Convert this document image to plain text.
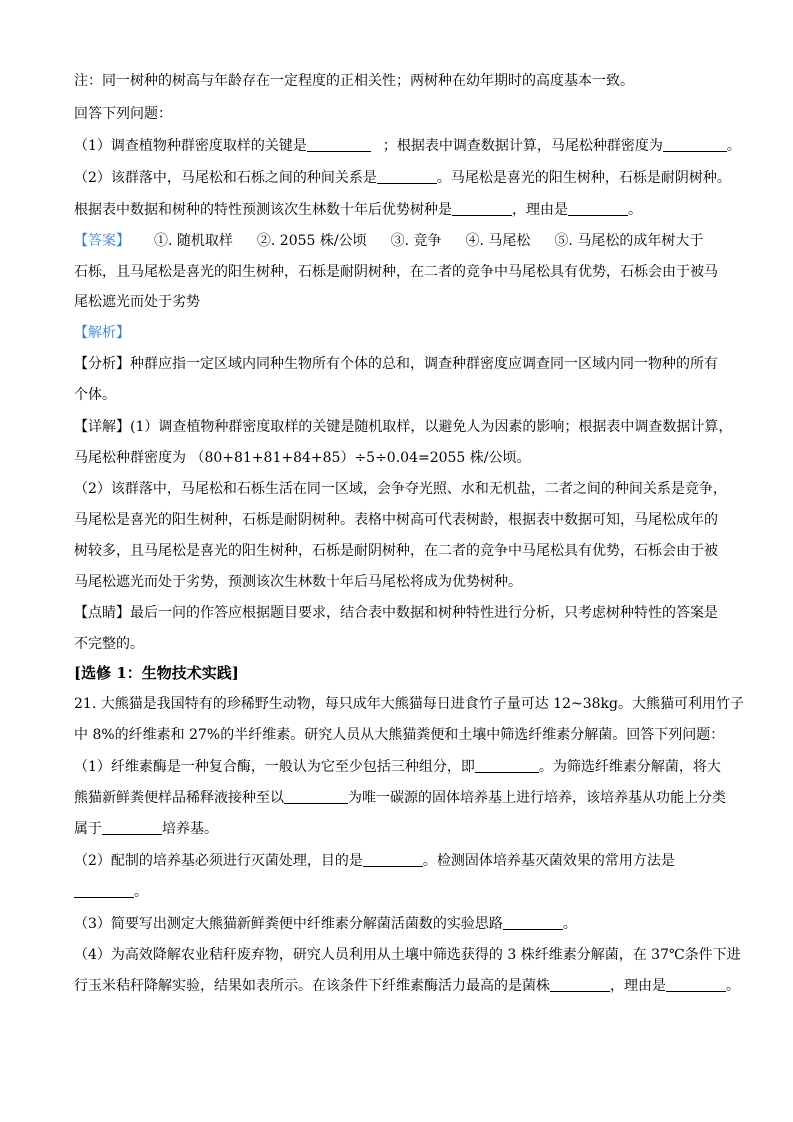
注：同一树种的树高与年龄存在一定程度的正相关性；两树种在幼年期时的高度基本一致。
回答下列问题：
（1）调查植物种群密度取样的关键是	；根据表中调查数据计算，马尾松种群密度为	。
（2）该群落中，马尾松和石栎之间的种间关系是	。马尾松是喜光的阳生树种，石栎是耐阴树种。
根据表中数据和树种的特性预测该次生林数十年后优势树种是	，理由是	。
【答案】 ①. 随机取样 ②. 2055 株/公顷 ③. 竞争 ④. 马尾松 ⑤. 马尾松的成年树大于
石栎，且马尾松是喜光的阳生树种，石栎是耐阴树种，在二者的竞争中马尾松具有优势，石栎会由于被马
尾松遮光而处于劣势
【解析】
【分析】种群应指一定区域内同种生物所有个体的总和，调查种群密度应调查同一区域内同一物种的所有
个体。
【详解】(1）调查植物种群密度取样的关键是随机取样，以避免人为因素的影响；根据表中调查数据计算，
马尾松种群密度为 （80+81+81+84+85）÷5÷0.04=2055 株/公顷。
（2）该群落中，马尾松和石栎生活在同一区域，会争夺光照、水和无机盐，二者之间的种间关系是竞争，
马尾松是喜光的阳生树种，石栎是耐阴树种。表格中树高可代表树龄，根据表中数据可知，马尾松成年的
树较多，且马尾松是喜光的阳生树种，石栎是耐阴树种，在二者的竞争中马尾松具有优势，石栎会由于被
马尾松遮光而处于劣势，预测该次生林数十年后马尾松将成为优势树种。
【点睛】最后一问的作答应根据题目要求，结合表中数据和树种特性进行分析，只考虑树种特性的答案是
不完整的。
[选修 1：生物技术实践]
21. 大熊猫是我国特有的珍稀野生动物，每只成年大熊猫每日进食竹子量可达 12~38kg。大熊猫可利用竹子
中 8%的纤维素和 27%的半纤维素。研究人员从大熊猫粪便和土壤中筛选纤维素分解菌。回答下列问题：
（1）纤维素酶是一种复合酶，一般认为它至少包括三种组分，即	。为筛选纤维素分解菌，将大
熊猫新鲜粪便样品稀释液接种至以	为唯一碳源的固体培养基上进行培养，该培养基从功能上分类
属于	培养基。
（2）配制的培养基必须进行灭菌处理，目的是	。检测固体培养基灭菌效果的常用方法是
。
（3）简要写出测定大熊猫新鲜粪便中纤维素分解菌活菌数的实验思路	。
（4）为高效降解农业秸秆废弃物，研究人员利用从土壤中筛选获得的 3 株纤维素分解菌，在 37℃条件下进
行玉米秸秆降解实验，结果如表所示。在该条件下纤维素酶活力最高的是菌株	，理由是	。
